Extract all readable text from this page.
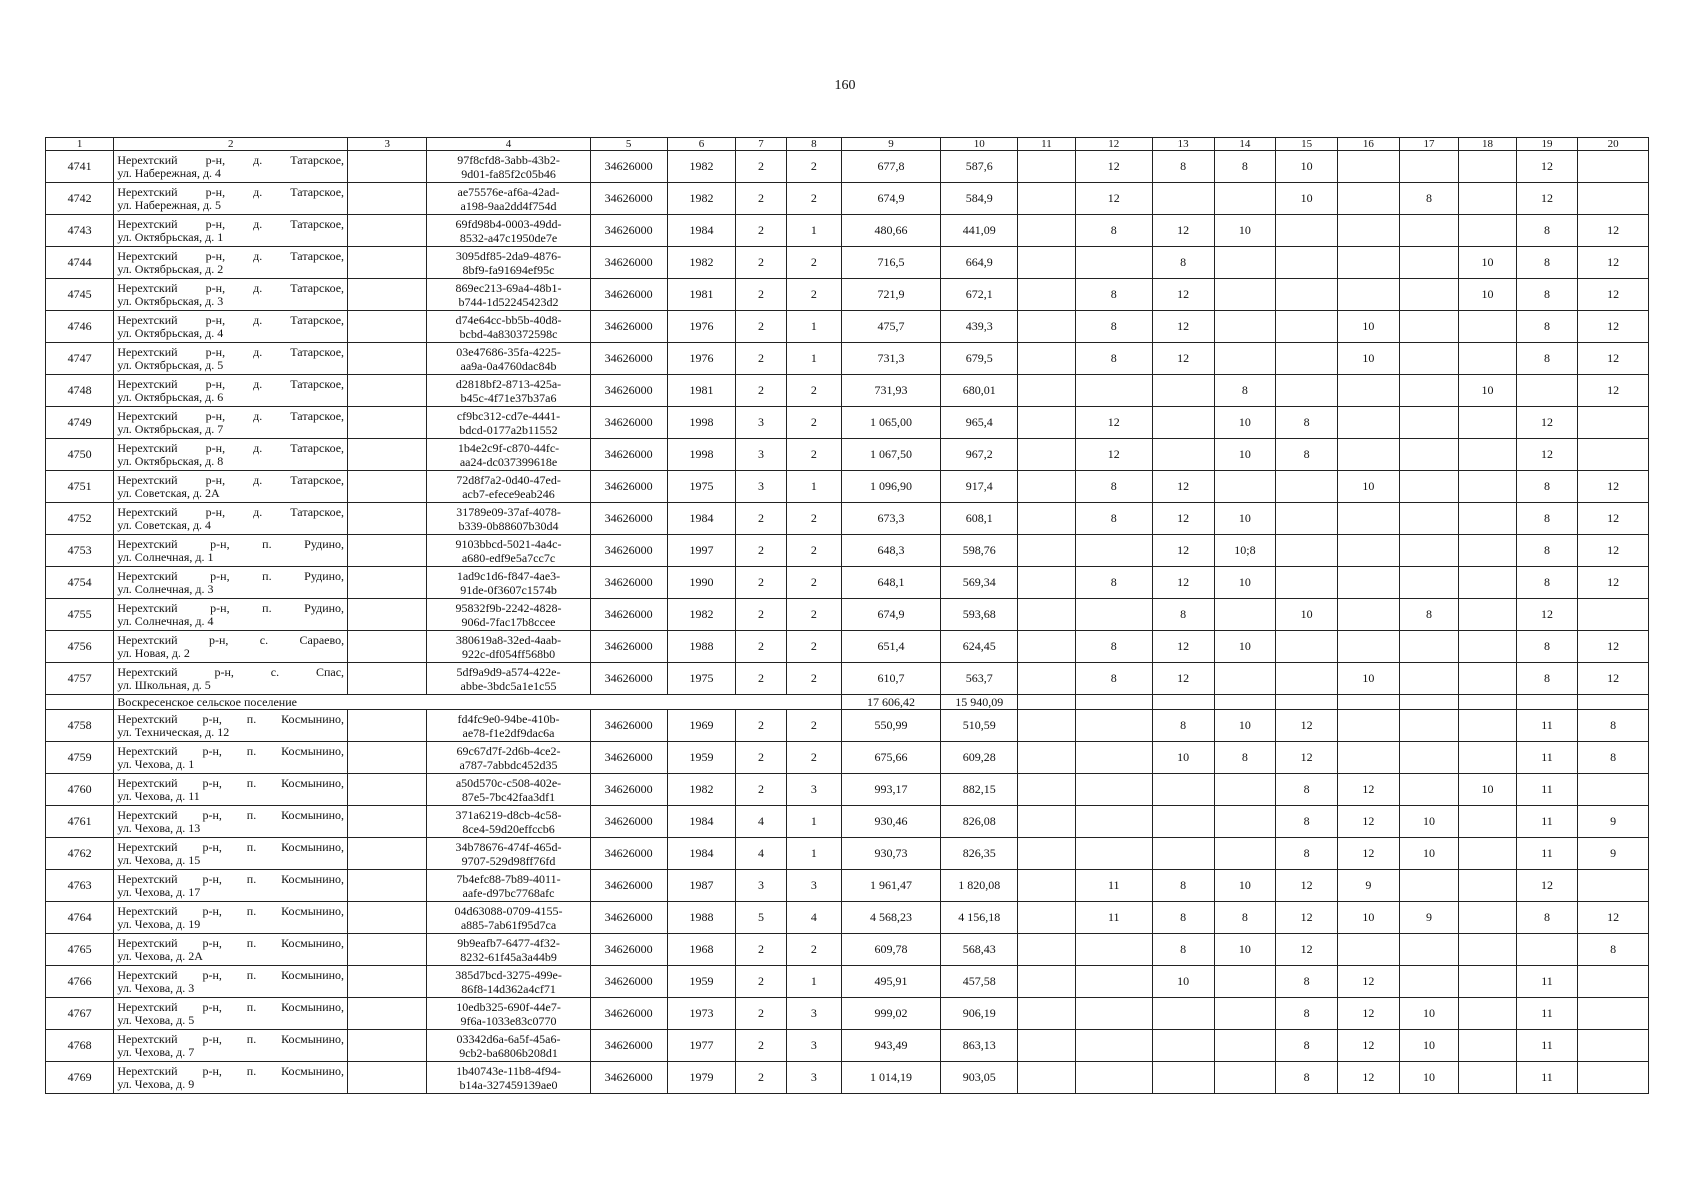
160
1	2	3	4	5	6	7	8	9	10	11	12	13	14	15	16	17	18	19	20
4741	Нерехтский р-н, д. Татарское,
ул. Набережная, д. 4		97f8cfd8-3abb-43b2-
9d01-fa85f2c05b46	34626000	1982	2	2	677,8	587,6		12	8	8	10				12	
4742	Нерехтский р-н, д. Татарское,
ул. Набережная, д. 5		ae75576e-af6a-42ad-
a198-9aa2dd4f754d	34626000	1982	2	2	674,9	584,9		12			10		8		12	
4743	Нерехтский р-н, д. Татарское,
ул. Октябрьская, д. 1		69fd98b4-0003-49dd-
8532-a47c1950de7e	34626000	1984	2	1	480,66	441,09		8	12	10					8	12
4744	Нерехтский р-н, д. Татарское,
ул. Октябрьская, д. 2		3095df85-2da9-4876-
8bf9-fa91694ef95c	34626000	1982	2	2	716,5	664,9			8					10	8	12
4745	Нерехтский р-н, д. Татарское,
ул. Октябрьская, д. 3		869ec213-69a4-48b1-
b744-1d52245423d2	34626000	1981	2	2	721,9	672,1		8	12					10	8	12
4746	Нерехтский р-н, д. Татарское,
ул. Октябрьская, д. 4		d74e64cc-bb5b-40d8-
bcbd-4a830372598c	34626000	1976	2	1	475,7	439,3		8	12			10			8	12
4747	Нерехтский р-н, д. Татарское,
ул. Октябрьская, д. 5		03e47686-35fa-4225-
aa9a-0a4760dac84b	34626000	1976	2	1	731,3	679,5		8	12			10			8	12
4748	Нерехтский р-н, д. Татарское,
ул. Октябрьская, д. 6		d2818bf2-8713-425a-
b45c-4f71e37b37a6	34626000	1981	2	2	731,93	680,01				8				10		12
4749	Нерехтский р-н, д. Татарское,
ул. Октябрьская, д. 7		cf9bc312-cd7e-4441-
bdcd-0177a2b11552	34626000	1998	3	2	1 065,00	965,4		12		10	8				12	
4750	Нерехтский р-н, д. Татарское,
ул. Октябрьская, д. 8		1b4e2c9f-c870-44fc-
aa24-dc037399618e	34626000	1998	3	2	1 067,50	967,2		12		10	8				12	
4751	Нерехтский р-н, д. Татарское,
ул. Советская, д. 2А		72d8f7a2-0d40-47ed-
acb7-efece9eab246	34626000	1975	3	1	1 096,90	917,4		8	12			10			8	12
4752	Нерехтский р-н, д. Татарское,
ул. Советская, д. 4		31789e09-37af-4078-
b339-0b88607b30d4	34626000	1984	2	2	673,3	608,1		8	12	10					8	12
4753	Нерехтский р-н, п. Рудино,
ул. Солнечная, д. 1		9103bbcd-5021-4a4c-
a680-edf9e5a7cc7c	34626000	1997	2	2	648,3	598,76			12	10;8					8	12
4754	Нерехтский р-н, п. Рудино,
ул. Солнечная, д. 3		1ad9c1d6-f847-4ae3-
91de-0f3607c1574b	34626000	1990	2	2	648,1	569,34		8	12	10					8	12
4755	Нерехтский р-н, п. Рудино,
ул. Солнечная, д. 4		95832f9b-2242-4828-
906d-7fac17b8ccee	34626000	1982	2	2	674,9	593,68			8		10		8		12	
4756	Нерехтский р-н, с. Сараево,
ул. Новая, д. 2		380619a8-32ed-4aab-
922c-df054ff568b0	34626000	1988	2	2	651,4	624,45		8	12	10					8	12
4757	Нерехтский р-н, с. Спас,
ул. Школьная, д. 5		5df9a9d9-a574-422e-
abbe-3bdc5a1e1c55	34626000	1975	2	2	610,7	563,7		8	12			10			8	12
	Воскресенское сельское поселение							17 606,42	15 940,09										
4758	Нерехтский р-н, п. Космынино,
ул. Техническая, д. 12		fd4fc9e0-94be-410b-
ae78-f1e2df9dac6a	34626000	1969	2	2	550,99	510,59			8	10	12				11	8
4759	Нерехтский р-н, п. Космынино,
ул. Чехова, д. 1		69c67d7f-2d6b-4ce2-
a787-7abbdc452d35	34626000	1959	2	2	675,66	609,28			10	8	12				11	8
4760	Нерехтский р-н, п. Космынино,
ул. Чехова, д. 11		a50d570c-c508-402e-
87e5-7bc42faa3df1	34626000	1982	2	3	993,17	882,15					8	12		10	11	
4761	Нерехтский р-н, п. Космынино,
ул. Чехова, д. 13		371a6219-d8cb-4c58-
8ce4-59d20effccb6	34626000	1984	4	1	930,46	826,08					8	12	10		11	9
4762	Нерехтский р-н, п. Космынино,
ул. Чехова, д. 15		34b78676-474f-465d-
9707-529d98ff76fd	34626000	1984	4	1	930,73	826,35					8	12	10		11	9
4763	Нерехтский р-н, п. Космынино,
ул. Чехова, д. 17		7b4efc88-7b89-4011-
aafe-d97bc7768afc	34626000	1987	3	3	1 961,47	1 820,08		11	8	10	12	9			12	
4764	Нерехтский р-н, п. Космынино,
ул. Чехова, д. 19		04d63088-0709-4155-
a885-7ab61f95d7ca	34626000	1988	5	4	4 568,23	4 156,18		11	8	8	12	10	9		8	12
4765	Нерехтский р-н, п. Космынино,
ул. Чехова, д. 2А		9b9eafb7-6477-4f32-
8232-61f45a3a44b9	34626000	1968	2	2	609,78	568,43			8	10	12					8
4766	Нерехтский р-н, п. Космынино,
ул. Чехова, д. 3		385d7bcd-3275-499e-
86f8-14d362a4cf71	34626000	1959	2	1	495,91	457,58			10		8	12			11	
4767	Нерехтский р-н, п. Космынино,
ул. Чехова, д. 5		10edb325-690f-44e7-
9f6a-1033e83c0770	34626000	1973	2	3	999,02	906,19					8	12	10		11	
4768	Нерехтский р-н, п. Космынино,
ул. Чехова, д. 7		03342d6a-6a5f-45a6-
9cb2-ba6806b208d1	34626000	1977	2	3	943,49	863,13					8	12	10		11	
4769	Нерехтский р-н, п. Космынино,
ул. Чехова, д. 9		1b40743e-11b8-4f94-
b14a-327459139ae0	34626000	1979	2	3	1 014,19	903,05					8	12	10		11	
